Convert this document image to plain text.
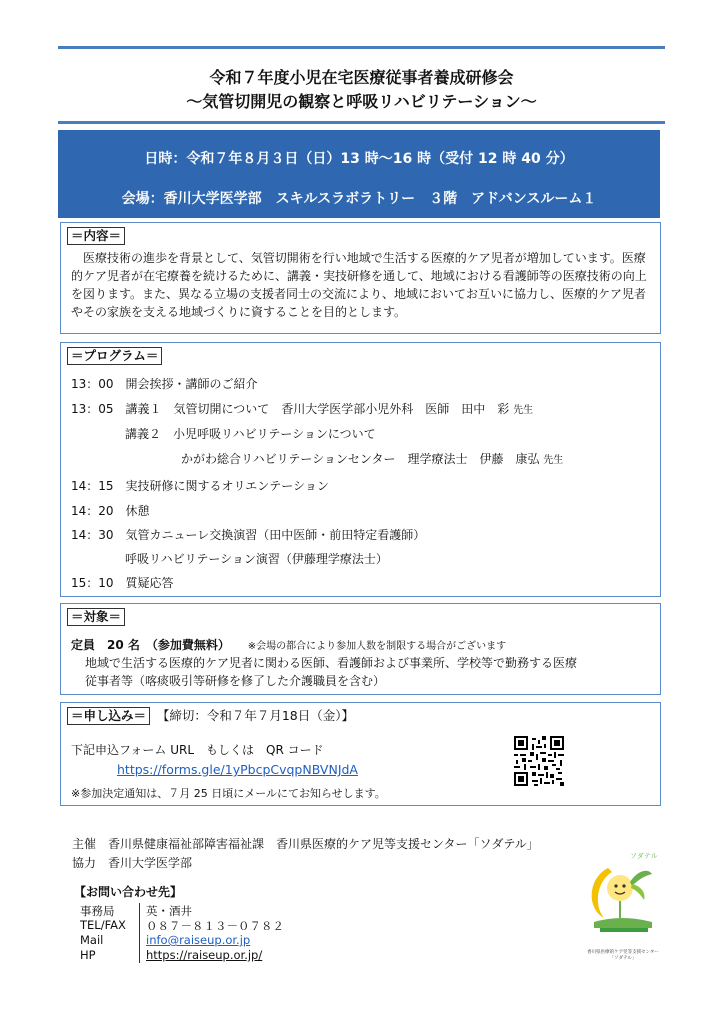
令和７年度小児在宅医療従事者養成研修会
～気管切開児の観察と呼吸リハビリテーション～
日時：令和７年８月３日（日）13 時～16 時（受付 12 時 40 分）
会場：香川大学医学部　スキルスラボラトリー　３階　アドバンスルーム１
＝内容＝
医療技術の進歩を背景として、気管切開術を行い地域で生活する医療的ケア児者が増加しています。医療的ケア児者が在宅療養を続けるために、講義・実技研修を通して、地域における看護師等の医療技術の向上を図ります。また、異なる立場の支援者同士の交流により、地域においてお互いに協力し、医療的ケア児者やその家族を支える地域づくりに資することを目的とします。
＝プログラム＝
13：00　開会挨拶・講師のご紹介
13：05　講義１　気管切開について　香川大学医学部小児外科　医師　田中　彩 先生
講義２　小児呼吸リハビリテーションについて
かがわ総合リハビリテーションセンター　理学療法士　伊藤　康弘 先生
14：15　実技研修に関するオリエンテーション
14：20　休憩
14：30　気管カニューレ交換演習（田中医師・前田特定看護師）
呼吸リハビリテーション演習（伊藤理学療法士）
15：10　質疑応答
＝対象＝
定員　20 名　（参加費無料） ※会場の都合により参加人数を制限する場合がございます
地域で生活する医療的ケア児者に関わる医師、看護師および事業所、学校等で勤務する医療
従事者等（喀痰吸引等研修を修了した介護職員を含む）
＝申し込み＝ 【締切：令和７年７月18日（金）】
下記申込フォーム URL　もしくは　QR コード
https://forms.gle/1yPbcpCvqpNBVNJdA
※参加決定通知は、７月 25 日頃にメールにてお知らせします。
主催　香川県健康福祉部障害福祉課　香川県医療的ケア児等支援センター「ソダテル」
協力　香川大学医学部
【お問い合わせ先】
事務局	英・酒井
TEL/FAX ０８７－８１３－０７８２
Mail	info@raiseup.or.jp
HP	https://raiseup.or.jp/
ソダテル
香川県医療的ケア児等支援センター
「ソダテル」
